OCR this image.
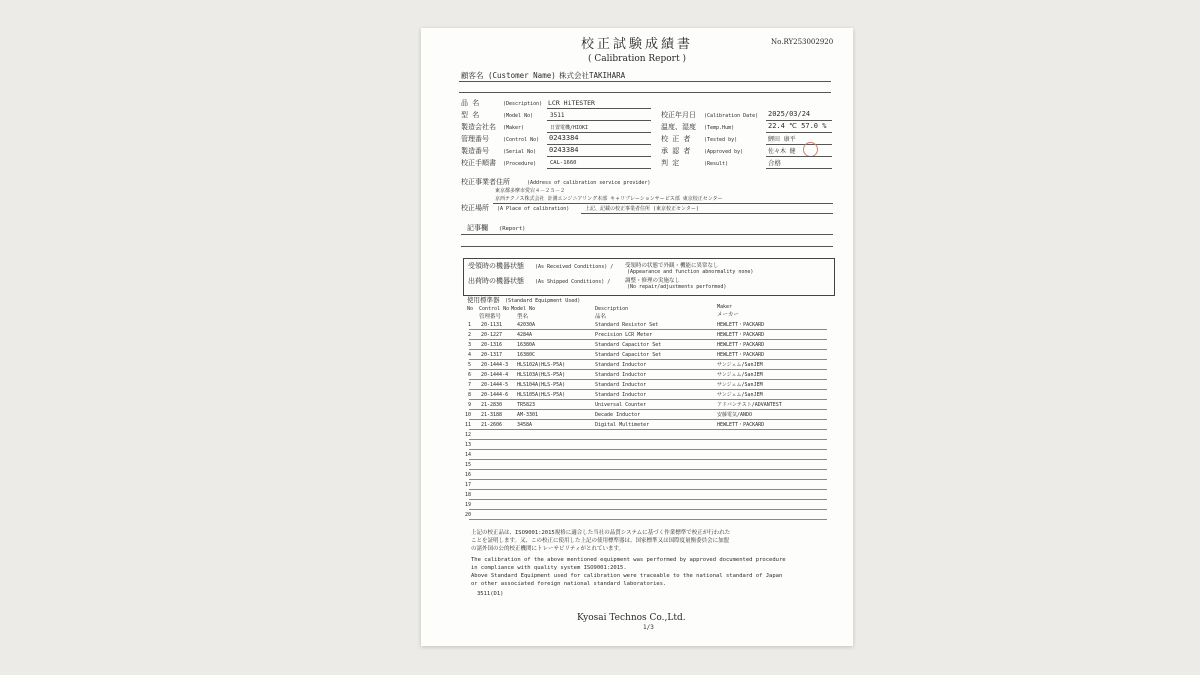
校正試験成績書
( Calibration Report )
No.RY253002920
顧客名 (Customer Name) 株式会社TAKIHARA
品 名	(Description) LCR HiTESTER
型 名	(Model No)	3511
製造会社名 (Maker)	日置電機/HIOKI
管理番号	(Control No) 0243384
製造番号	(Serial No) 0243384
校正手順書 (Procedure)	CAL-1660
校正年月日 (Calibration Date) 2025/03/24
温度、湿度 (Temp.Hum)	22.4 ℃ 57.0 %
校 正 者	(Tested by)	鯉田 康平
承 認 者	(Approved by)	佐々木 健
判 定	(Result)	合格
校正事業者住所	(Address of calibration service provider)
東京都多摩市愛宕４－２５－２
京西テクノス株式会社 計測エンジニアリング本部 キャリブレーションサービス部 東京校正センター
校正場所 (A Place of calibration)	上記、記載の校正事業者住所 (東京校正センター)
記事欄 (Report)
受領時の機器状態 (As Received Conditions) / 受領時の状態で外観・機能に異常なし
(Appearance and function abnormality none)
出荷時の機器状態 (As Shipped Conditions) /	調整・修理の実施なし
(No repair/adjustments performed)
使用標準器 (Standard Equipment Used)
No Control No Model No	Description	Maker
管理番号	型名	品名	メーカー
1 20-1131	42030A	Standard Resistor Set	HEWLETT・PACKARD
2 20-1227	4284A	Precision LCR Meter	HEWLETT・PACKARD
3 20-1316	16380A	Standard Capacitor Set	HEWLETT・PACKARD
4 20-1317	16380C	Standard Capacitor Set	HEWLETT・PACKARD
5 20-1444-3 HLS102A(HLS-P5A)	Standard Inductor	サンジェム/SanJEM
6 20-1444-4 HLS103A(HLS-P5A)	Standard Inductor	サンジェム/SanJEM
7 20-1444-5 HLS104A(HLS-P5A)	Standard Inductor	サンジェム/SanJEM
8 20-1444-6 HLS105A(HLS-P5A)	Standard Inductor	サンジェム/SanJEM
9 21-2830	TR5823	Universal Counter	アドバンテスト/ADVANTEST
10 21-3188	AM-3301	Decade Inductor	安藤電気/ANDO
11 21-2606	3458A	Digital Multimeter	HEWLETT・PACKARD
12
13
14
15
16
17
18
19
20
上記の校正品は、ISO9001:2015規格に適合した当社の品質システムに基づく作業標準で校正が行われた
ことを証明します。又、この校正に使用した上記の使用標準器は、国家標準又は国際度量衡委員会に加盟
の諸外国の公的校正機関にトレーサビリティがとれています。
The calibration of the above mentioned equipment was performed by approved documented procedure
in compliance with quality system ISO9001:2015.
Above Standard Equipment used for calibration were traceable to the national standard of Japan
or other associated foreign national standard laboratories.
3511(D1)
Kyosai Technos Co.,Ltd.
1/3
